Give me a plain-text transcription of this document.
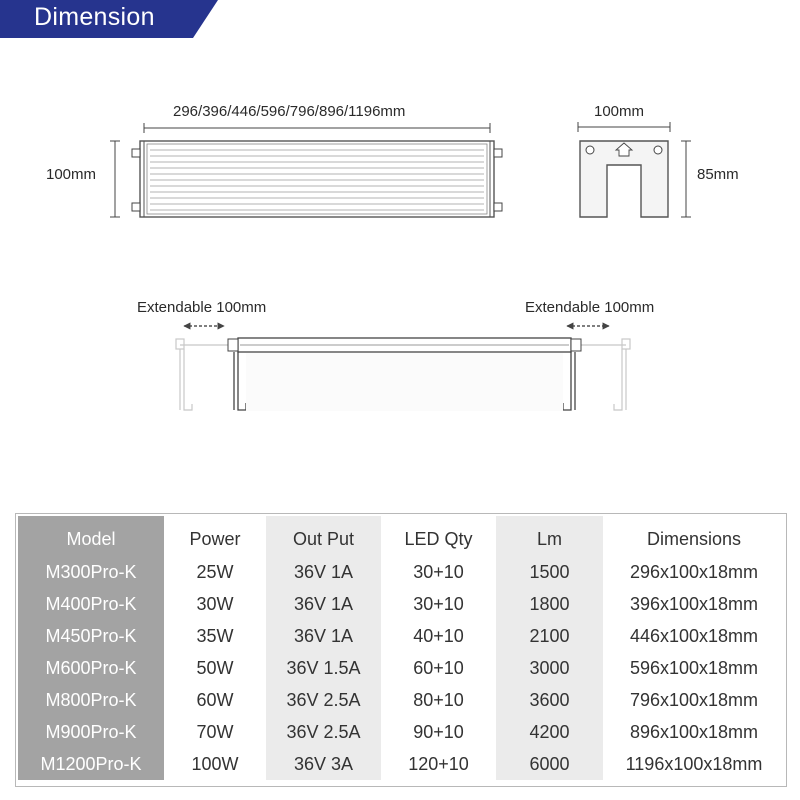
Dimension
296/396/446/596/796/896/1196mm
100mm
100mm
85mm
Extendable 100mm	Extendable 100mm
Model	Power	Out Put	LED Qty	Lm	Dimensions
M300Pro-K	25W	36V 1A	30+10	1500	296x100x18mm
M400Pro-K	30W	36V 1A	30+10	1800	396x100x18mm
M450Pro-K	35W	36V 1A	40+10	2100	446x100x18mm
M600Pro-K	50W	36V 1.5A	60+10	3000	596x100x18mm
M800Pro-K	60W	36V 2.5A	80+10	3600	796x100x18mm
M900Pro-K	70W	36V 2.5A	90+10	4200	896x100x18mm
M1200Pro-K	100W	36V 3A	120+10	6000	1196x100x18mm
